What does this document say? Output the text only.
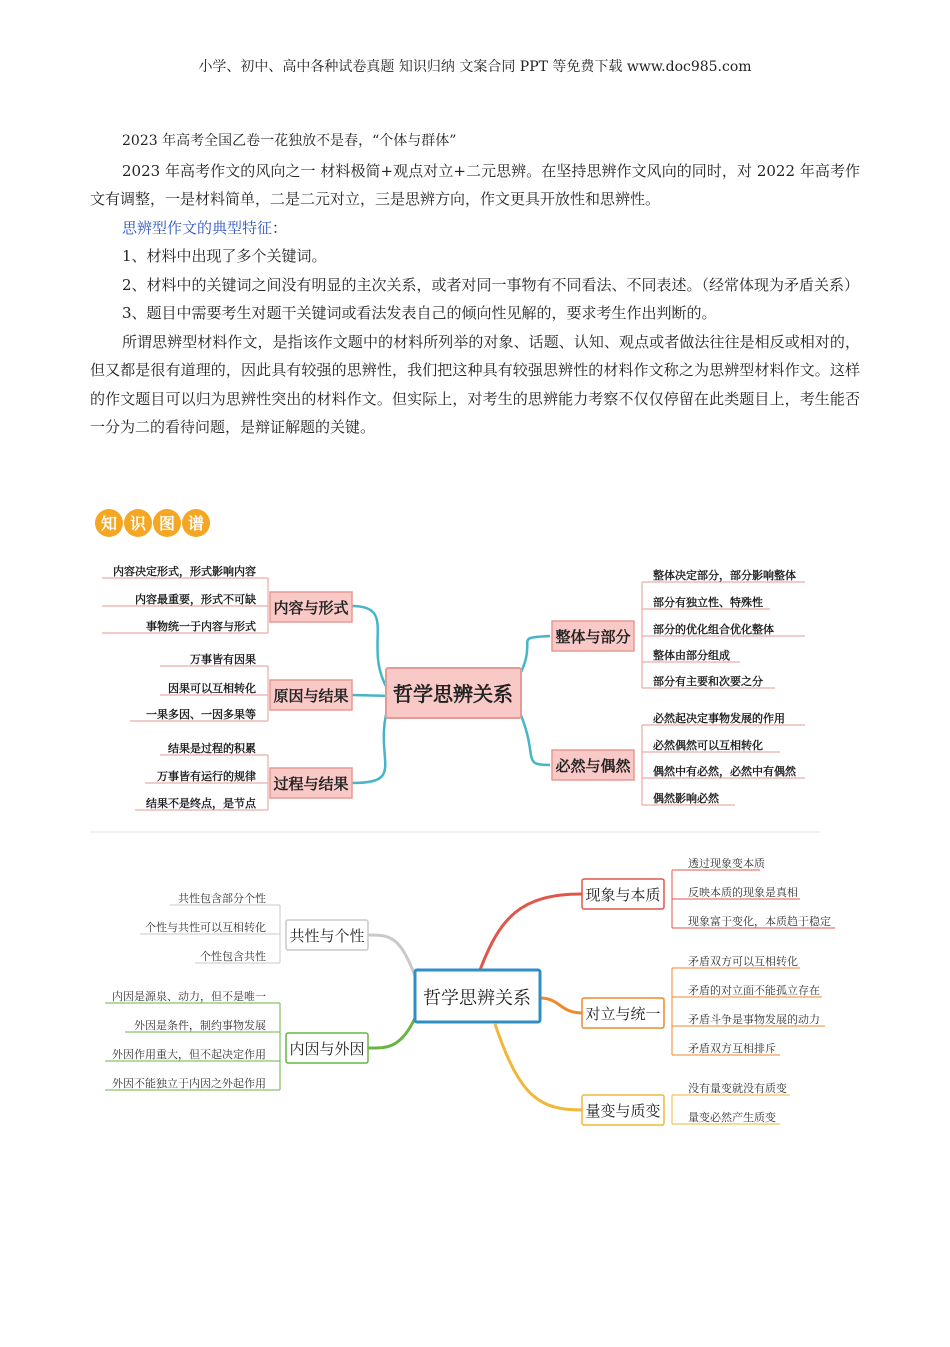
小学、初中、高中各种试卷真题 知识归纳 文案合同 PPT 等免费下载 www.doc985.com

2023 年高考全国乙卷一花独放不是春，“个体与群体”

2023 年高考作文的风向之一 材料极简+观点对立+二元思辨。在坚持思辨作文风向的同时，对 2022 年高考作文有调整，一是材料简单，二是二元对立，三是思辨方向，作文更具开放性和思辨性。

思辨型作文的典型特征：

1、材料中出现了多个关键词。

2、材料中的关键词之间没有明显的主次关系，或者对同一事物有不同看法、不同表述。（经常体现为矛盾关系）

3、题目中需要考生对题干关键词或看法发表自己的倾向性见解的，要求考生作出判断的。

所谓思辨型材料作文，是指该作文题中的材料所列举的对象、话题、认知、观点或者做法往往是相反或相对的，但又都是很有道理的，因此具有较强的思辨性，我们把这种具有较强思辨性的材料作文称之为思辨型材料作文。这样的作文题目可以归为思辨性突出的材料作文。但实际上，对考生的思辨能力考察不仅仅停留在此类题目上，考生能否一分为二的看待问题，是辩证解题的关键。

知 识 图 谱
哲学思辨关系
内容与形式
原因与结果
过程与结果
整体与部分
必然与偶然
内容决定形式，形式影响内容
内容最重要，形式不可缺
事物统一于内容与形式
万事皆有因果
因果可以互相转化
一果多因、一因多果等
结果是过程的积累
万事皆有运行的规律
结果不是终点，是节点
整体决定部分，部分影响整体
部分有独立性、特殊性
部分的优化组合优化整体
整体由部分组成
部分有主要和次要之分
必然起决定事物发展的作用
必然偶然可以互相转化
偶然中有必然，必然中有偶然
偶然影响必然
哲学思辨关系
现象与本质
对立与统一
量变与质变
共性与个性
内因与外因
透过现象变本质
反映本质的现象是真相
现象富于变化，本质趋于稳定
矛盾双方可以互相转化
矛盾的对立面不能孤立存在
矛盾斗争是事物发展的动力
矛盾双方互相排斥
没有量变就没有质变
量变必然产生质变
共性包含部分个性
个性与共性可以互相转化
个性包含共性
内因是源泉、动力，但不是唯一
外因是条件，制约事物发展
外因作用重大，但不起决定作用
外因不能独立于内因之外起作用
